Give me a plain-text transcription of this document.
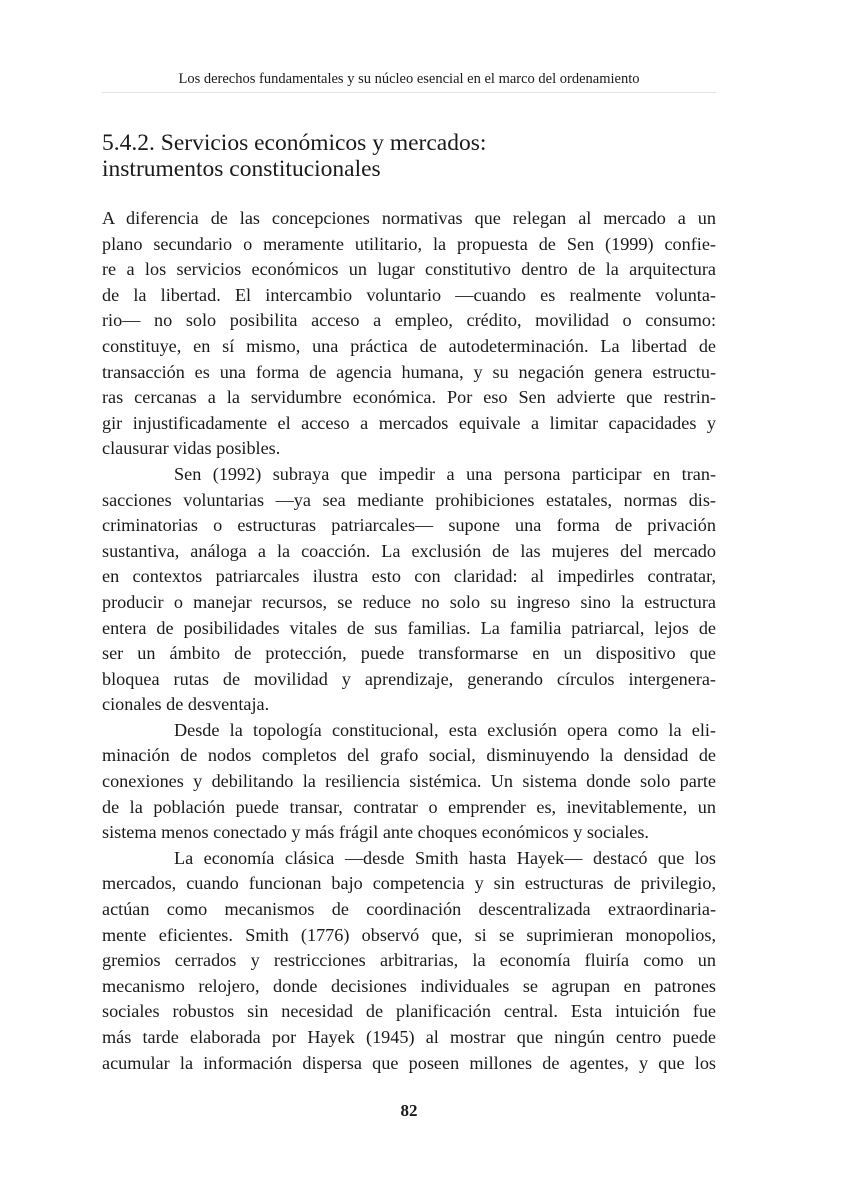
Los derechos fundamentales y su núcleo esencial en el marco del ordenamiento
5.4.2. Servicios económicos y mercados:
instrumentos constitucionales
A diferencia de las concepciones normativas que relegan al mercado a un
plano secundario o meramente utilitario, la propuesta de Sen (1999) confie-
re a los servicios económicos un lugar constitutivo dentro de la arquitectura
de la libertad. El intercambio voluntario —cuando es realmente volunta-
rio— no solo posibilita acceso a empleo, crédito, movilidad o consumo:
constituye, en sí mismo, una práctica de autodeterminación. La libertad de
transacción es una forma de agencia humana, y su negación genera estructu-
ras cercanas a la servidumbre económica. Por eso Sen advierte que restrin-
gir injustificadamente el acceso a mercados equivale a limitar capacidades y
clausurar vidas posibles.
Sen (1992) subraya que impedir a una persona participar en tran-
sacciones voluntarias —ya sea mediante prohibiciones estatales, normas dis-
criminatorias o estructuras patriarcales— supone una forma de privación
sustantiva, análoga a la coacción. La exclusión de las mujeres del mercado
en contextos patriarcales ilustra esto con claridad: al impedirles contratar,
producir o manejar recursos, se reduce no solo su ingreso sino la estructura
entera de posibilidades vitales de sus familias. La familia patriarcal, lejos de
ser un ámbito de protección, puede transformarse en un dispositivo que
bloquea rutas de movilidad y aprendizaje, generando círculos intergenera-
cionales de desventaja.
Desde la topología constitucional, esta exclusión opera como la eli-
minación de nodos completos del grafo social, disminuyendo la densidad de
conexiones y debilitando la resiliencia sistémica. Un sistema donde solo parte
de la población puede transar, contratar o emprender es, inevitablemente, un
sistema menos conectado y más frágil ante choques económicos y sociales.
La economía clásica —desde Smith hasta Hayek— destacó que los
mercados, cuando funcionan bajo competencia y sin estructuras de privilegio,
actúan como mecanismos de coordinación descentralizada extraordinaria-
mente eficientes. Smith (1776) observó que, si se suprimieran monopolios,
gremios cerrados y restricciones arbitrarias, la economía fluiría como un
mecanismo relojero, donde decisiones individuales se agrupan en patrones
sociales robustos sin necesidad de planificación central. Esta intuición fue
más tarde elaborada por Hayek (1945) al mostrar que ningún centro puede
acumular la información dispersa que poseen millones de agentes, y que los
82
